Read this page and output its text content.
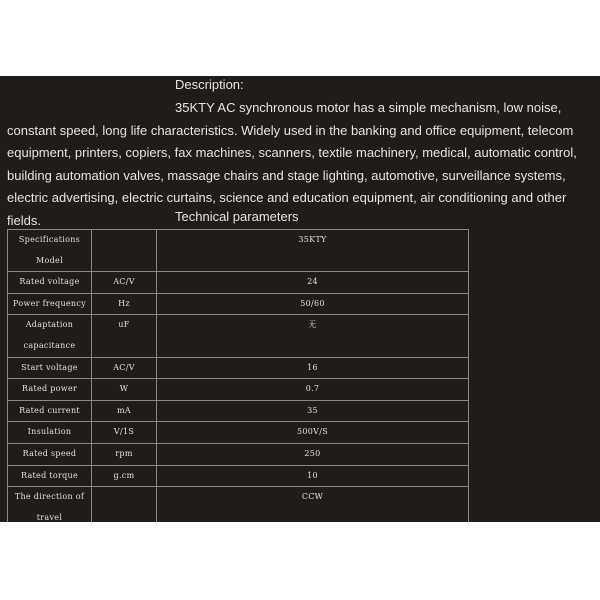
Description:
35KTY AC synchronous motor has a simple mechanism, low noise, constant speed, long life characteristics. Widely used in the banking and office equipment, telecom equipment, printers, copiers, fax machines, scanners, textile machinery, medical, automatic control, building automation valves, massage chairs and stage lighting, automotive, surveillance systems, electric advertising, electric curtains, science and education equipment, air conditioning and other fields.	Technical parameters
Specifications Model		35KTY
Rated voltage	AC/V	24
Power frequency	Hz	50/60
Adaptation capacitance	uF	无
Start voltage	AC/V	16
Rated power	W	0.7
Rated current	mA	35
Insulation	V/1S	500V/S
Rated speed	rpm	250
Rated torque	g.cm	10
The direction of travel		CCW
